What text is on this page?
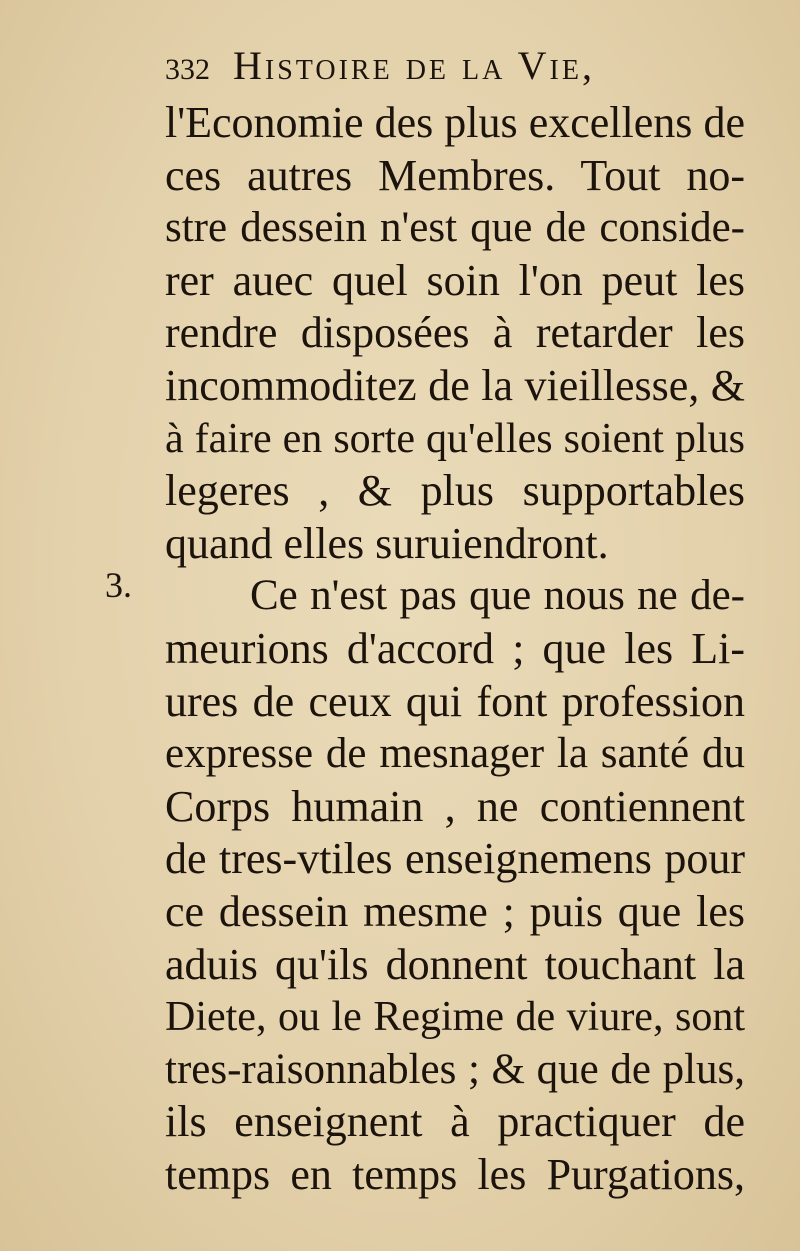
332 Histoire de la Vie,
3.
l'Economie des plus excellens de
ces autres Membres. Tout no-
stre dessein n'est que de conside-
rer auec quel soin l'on peut les
rendre disposées à retarder les
incommoditez de la vieillesse, &
à faire en sorte qu'elles soient plus
legeres , & plus supportables
quand elles suruiendront.
Ce n'est pas que nous ne de-
meurions d'accord ; que les Li-
ures de ceux qui font profession
expresse de mesnager la santé du
Corps humain , ne contiennent
de tres-vtiles enseignemens pour
ce dessein mesme ; puis que les
aduis qu'ils donnent touchant la
Diete, ou le Regime de viure, sont
tres-raisonnables ; & que de plus,
ils enseignent à practiquer de
temps en temps les Purgations,
